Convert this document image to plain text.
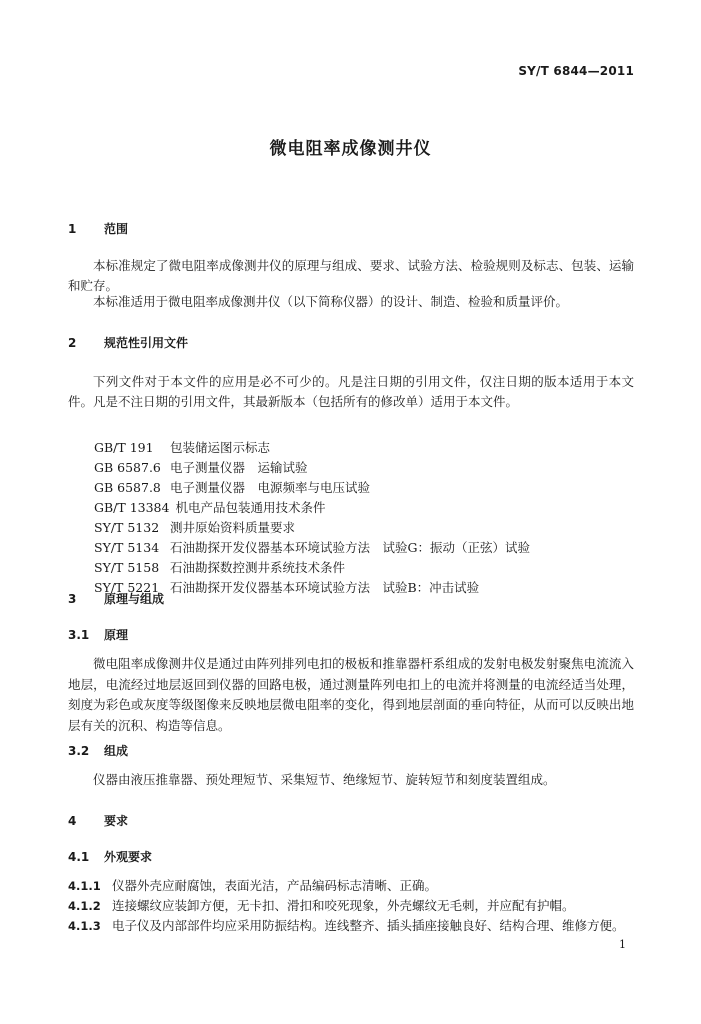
SY/T 6844—2011
微电阻率成像测井仪
1 范围
本标准规定了微电阻率成像测井仪的原理与组成、要求、试验方法、检验规则及标志、包装、运输和贮存。
本标准适用于微电阻率成像测井仪（以下简称仪器）的设计、制造、检验和质量评价。
2 规范性引用文件
下列文件对于本文件的应用是必不可少的。凡是注日期的引用文件，仅注日期的版本适用于本文件。凡是不注日期的引用文件，其最新版本（包括所有的修改单）适用于本文件。
GB/T 191 包装储运图示标志
GB 6587.6 电子测量仪器　运输试验
GB 6587.8 电子测量仪器　电源频率与电压试验
GB/T 13384 机电产品包装通用技术条件
SY/T 5132 测井原始资料质量要求
SY/T 5134 石油勘探开发仪器基本环境试验方法　试验G：振动（正弦）试验
SY/T 5158 石油勘探数控测井系统技术条件
SY/T 5221 石油勘探开发仪器基本环境试验方法　试验B：冲击试验
3 原理与组成
3.1 原理
微电阻率成像测井仪是通过由阵列排列电扣的极板和推靠器杆系组成的发射电极发射聚焦电流流入地层，电流经过地层返回到仪器的回路电极，通过测量阵列电扣上的电流并将测量的电流经适当处理，刻度为彩色或灰度等级图像来反映地层微电阻率的变化，得到地层剖面的垂向特征，从而可以反映出地层有关的沉积、构造等信息。
3.2 组成
仪器由液压推靠器、预处理短节、采集短节、绝缘短节、旋转短节和刻度装置组成。
4 要求
4.1 外观要求
4.1.1 仪器外壳应耐腐蚀，表面光洁，产品编码标志清晰、正确。
4.1.2 连接螺纹应装卸方便，无卡扣、滑扣和咬死现象，外壳螺纹无毛刺，并应配有护帽。
4.1.3 电子仪及内部部件均应采用防振结构。连线整齐、插头插座接触良好、结构合理、维修方便。
1
